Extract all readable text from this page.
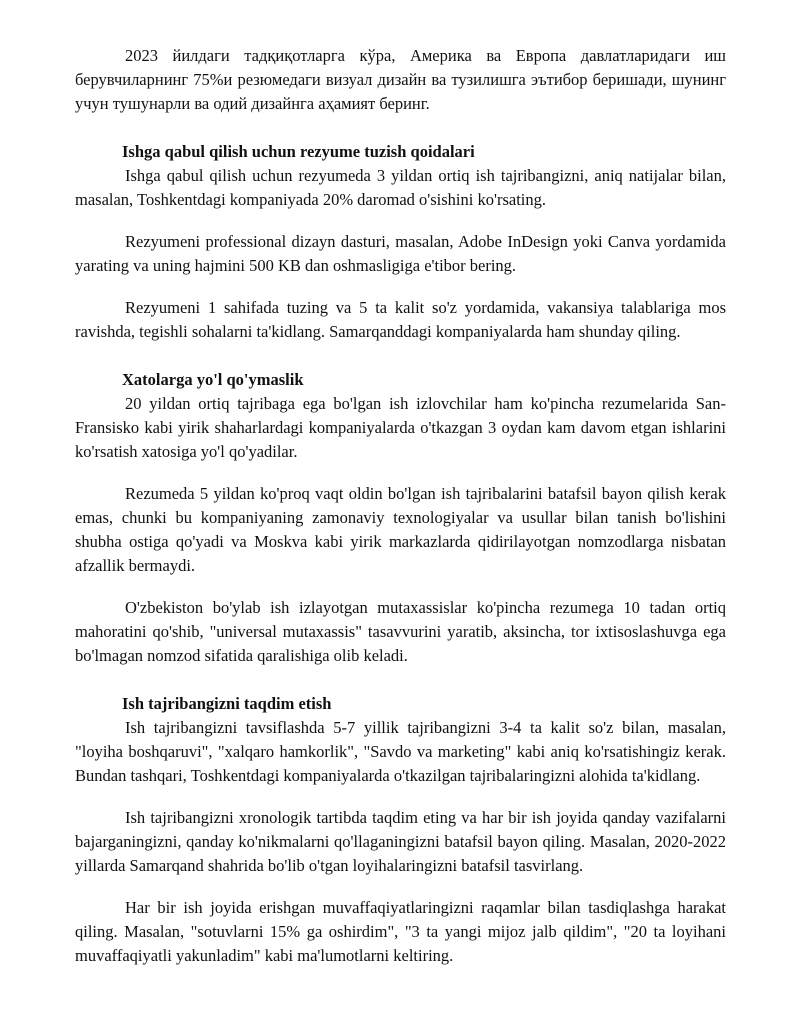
2023 йилдаги тадқиқотларга кўра, Америка ва Европа давлатларидаги иш берувчиларнинг 75%и резюмедаги визуал дизайн ва тузилишга эътибор беришади, шунинг учун тушунарли ва одий дизайнга аҳамият беринг.

Ishga qabul qilish uchun rezyume tuzish qoidalari

Ishga qabul qilish uchun rezyumeda 3 yildan ortiq ish tajribangizni, aniq natijalar bilan, masalan, Toshkentdagi kompaniyada 20% daromad o'sishini ko'rsating.

Rezyumeni professional dizayn dasturi, masalan, Adobe InDesign yoki Canva yordamida yarating va uning hajmini 500 KB dan oshmasligiga e'tibor bering.

Rezyumeni 1 sahifada tuzing va 5 ta kalit so'z yordamida, vakansiya talablariga mos ravishda, tegishli sohalarni ta'kidlang. Samarqanddagi kompaniyalarda ham shunday qiling.

Xatolarga yo'l qo'ymaslik

20 yildan ortiq tajribaga ega bo'lgan ish izlovchilar ham ko'pincha rezumelarida San-Fransisko kabi yirik shaharlardagi kompaniyalarda o'tkazgan 3 oydan kam davom etgan ishlarini ko'rsatish xatosiga yo'l qo'yadilar.

Rezumeda 5 yildan ko'proq vaqt oldin bo'lgan ish tajribalarini batafsil bayon qilish kerak emas, chunki bu kompaniyaning zamonaviy texnologiyalar va usullar bilan tanish bo'lishini shubha ostiga qo'yadi va Moskva kabi yirik markazlarda qidirilayotgan nomzodlarga nisbatan afzallik bermaydi.

O'zbekiston bo'ylab ish izlayotgan mutaxassislar ko'pincha rezumega 10 tadan ortiq mahoratini qo'shib, "universal mutaxassis" tasavvurini yaratib, aksincha, tor ixtisoslashuvga ega bo'lmagan nomzod sifatida qaralishiga olib keladi.

Ish tajribangizni taqdim etish

Ish tajribangizni tavsiflashda 5-7 yillik tajribangizni 3-4 ta kalit so'z bilan, masalan, "loyiha boshqaruvi", "xalqaro hamkorlik", "Savdo va marketing" kabi aniq ko'rsatishingiz kerak. Bundan tashqari, Toshkentdagi kompaniyalarda o'tkazilgan tajribalaringizni alohida ta'kidlang.

Ish tajribangizni xronologik tartibda taqdim eting va har bir ish joyida qanday vazifalarni bajarganingizni, qanday ko'nikmalarni qo'llaganingizni batafsil bayon qiling. Masalan, 2020-2022 yillarda Samarqand shahrida bo'lib o'tgan loyihalaringizni batafsil tasvirlang.

Har bir ish joyida erishgan muvaffaqiyatlaringizni raqamlar bilan tasdiqlashga harakat qiling. Masalan, "sotuvlarni 15% ga oshirdim", "3 ta yangi mijoz jalb qildim", "20 ta loyihani muvaffaqiyatli yakunladim" kabi ma'lumotlarni keltiring.
